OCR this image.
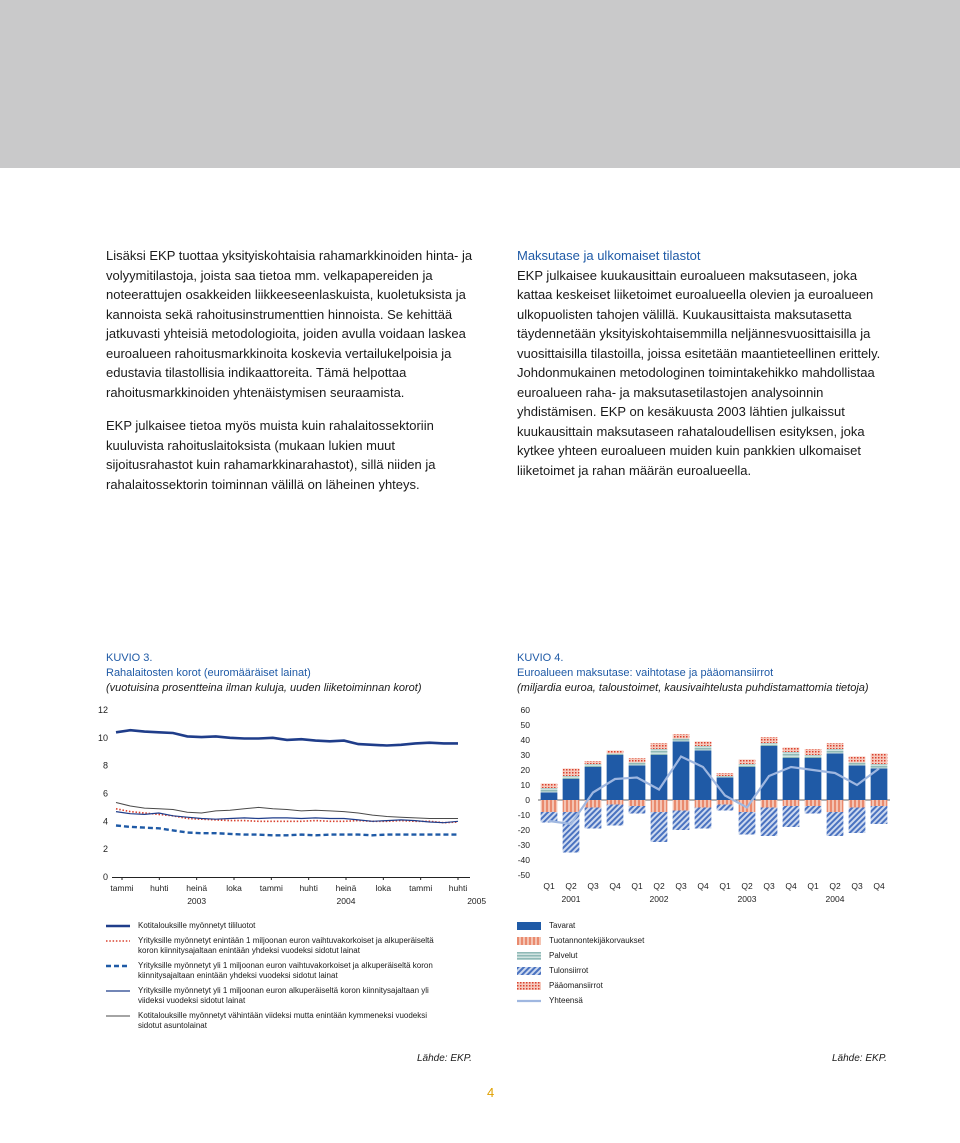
Lisäksi EKP tuottaa yksityiskohtaisia rahamarkkinoiden hinta- ja volyymitilastoja, joista saa tietoa mm. velkapapereiden ja noteerattujen osakkeiden liikkeeseenlaskuista, kuoletuksista ja kannoista sekä rahoitusinstrumenttien hinnoista. Se kehittää jatkuvasti yhteisiä metodologioita, joiden avulla voidaan laskea euroalueen rahoitusmarkkinoita koskevia vertailukelpoisia ja edustavia tilastollisia indikaattoreita. Tämä helpottaa rahoitusmarkkinoiden yhtenäistymisen seuraamista.

EKP julkaisee tietoa myös muista kuin rahalaitossektoriin kuuluvista rahoituslaitoksista (mukaan lukien muut sijoitusrahastot kuin rahamarkkinarahastot), sillä niiden ja rahalaitossektorin toiminnan välillä on läheinen yhteys.

Maksutase ja ulkomaiset tilastot

EKP julkaisee kuukausittain euroalueen maksutaseen, joka kattaa keskeiset liiketoimet euroalueella olevien ja euroalueen ulkopuolisten tahojen välillä. Kuukausittaista maksutasetta täydennetään yksityiskohtaisemmilla neljännesvuosittaisilla ja vuosittaisilla tilastoilla, joissa esitetään maantieteellinen erittely. Johdonmukainen metodologinen toimintakehikko mahdollistaa euroalueen raha- ja maksutasetilastojen analysoinnin yhdistämisen. EKP on kesäkuusta 2003 lähtien julkaissut kuukausittain maksutaseen rahataloudellisen esityksen, joka kytkee yhteen euroalueen muiden kuin pankkien ulkomaiset liiketoimet ja rahan määrän euroalueella.

KUVIO 3.
Rahalaitosten korot (euromääräiset lainat)
(vuotuisina prosentteina ilman kuluja, uuden liiketoiminnan korot)
KUVIO 4.
Euroalueen maksutase: vaihtotase ja pääomansiirrot
(miljardia euroa, taloustoimet, kausivaihtelusta puhdistamattomia tietoja)
0
2
4
6
8
10
12
tammi huhti heinä loka tammi huhti heinä loka tammi huhti
2003	2004	2005
-50
-40
-30
-20
-10
0
10
20
30
40
50
60
Q1 Q2 Q3 Q4 Q1 Q2 Q3 Q4 Q1 Q2 Q3 Q4 Q1 Q2 Q3 Q4
2001	2002	2003	2004
Kotitalouksille myönnetyt tililuotot
Yrityksille myönnetyt enintään 1 miljoonan euron vaihtuvakorkoiset ja alkuperäiseltä koron kiinnitysajaltaan enintään yhdeksi vuodeksi sidotut lainat
Yrityksille myönnetyt yli 1 miljoonan euron vaihtuvakorkoiset ja alkuperäiseltä koron kiinnitysajaltaan enintään yhdeksi vuodeksi sidotut lainat
Yrityksille myönnetyt yli 1 miljoonan euron alkuperäiseltä koron kiinnitysajaltaan yli viideksi vuodeksi sidotut lainat
Kotitalouksille myönnetyt vähintään viideksi mutta enintään kymmeneksi vuodeksi sidotut asuntolainat
Tavarat
Tuotannontekijäkorvaukset
Palvelut
Tulonsiirrot
Pääomansiirrot
Yhteensä
Lähde: EKP.	Lähde: EKP.
4
